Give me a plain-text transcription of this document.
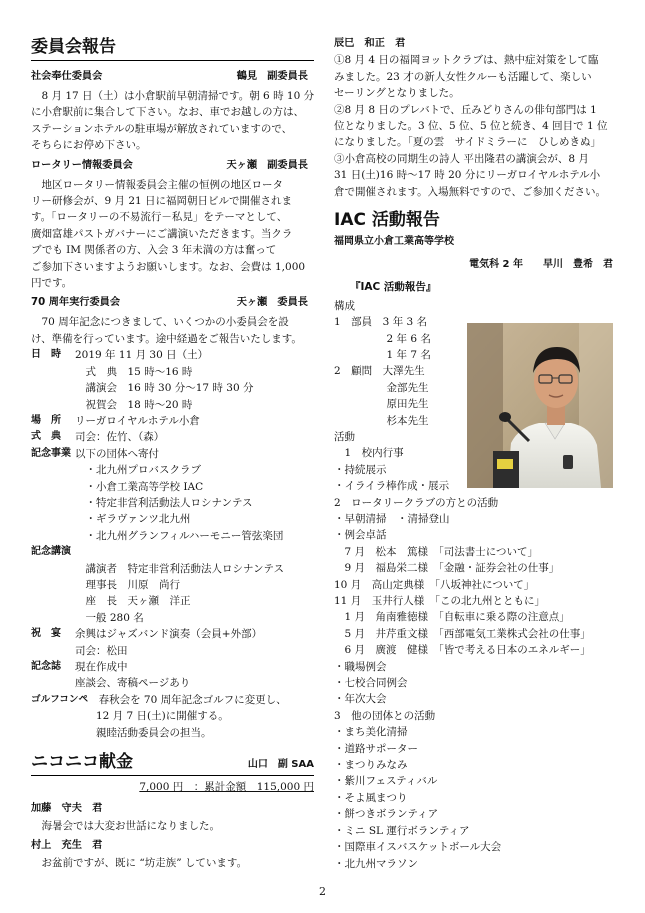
委員会報告
社会奉仕委員会	鶴見　副委員長

　8 月 17 日（土）は小倉駅前早朝清掃です。朝 6 時 10 分

に小倉駅前に集合して下さい。なお、車でお越しの方は、

ステーションホテルの駐車場が解放されていますので、

そちらにお停め下さい。

ロータリー情報委員会	天ヶ瀬　副委員長

　地区ロータリー情報委員会主催の恒例の地区ロータ

リー研修会が、9 月 21 日に福岡朝日ビルで開催されま

す。「ロータリーの不易流行－私見」をテーマとして、

廣畑富雄パストガバナーにご講演いただきます。当クラ

ブでも IM 関係者の方、入会 3 年未満の方は奮って

ご参加下さいますようお願いします。なお、会費は 1,000

円です。

70 周年実行委員会	天ヶ瀬　委員長

　70 周年記念につきまして、いくつかの小委員会を設

け、準備を行っています。途中経過をご報告いたします。

日　時	2019 年 11 月 30 日（土）
　式　典　15 時～16 時
　講演会　16 時 30 分～17 時 30 分
　祝賀会　18 時～20 時
場　所	リーガロイヤルホテル小倉
式　典	司会：佐竹、（森）
記念事業 以下の団体へ寄付
　・北九州プロバスクラブ
　・小倉工業高等学校 IAC
　・特定非営利活動法人ロシナンテス
　・ギラヴァンツ北九州
　・北九州グランフィルハーモニー管弦楽団
記念講演
　講演者　特定非営利活動法人ロシナンテス
　理事長　川原　尚行
　座　長　天ヶ瀬　洋正
　一般 280 名
祝　宴	余興はジャズバンド演奏（会員+外部）
司会：松田
記念誌	現在作成中
座談会、寄稿ページあり
ゴルフコンペ 　春秋会を 70 周年記念ゴルフに変更し、
　　12 月 7 日(土)に開催する。
　　親睦活動委員会の担当。
ニコニコ献金	山口　副 SAA
7,000 円　：累計金額　115,000 円
加藤　守夫　君

　海暑会では大変お世話になりました。

村上　充生　君

　お盆前ですが、既に “坊走族” しています。

辰巳　和正　君

①8 月 4 日の福岡ヨットクラブは、熱中症対策をして臨

みました。23 才の新人女性クルーも活躍して、楽しい

セーリングとなりました。

②8 月 8 日のプレバトで、丘みどりさんの俳句部門は 1

位となりました。3 位、5 位、5 位と続き、4 回目で 1 位

になりました。「夏の雲　サイドミラーに　ひしめきぬ」

③小倉高校の同期生の詩人 平出隆君の講演会が、8 月

31 日(土)16 時～17 時 20 分にリーガロイヤルホテル小

倉で開催されます。入場無料ですので、ご参加ください。

IAC 活動報告
福岡県立小倉工業高等学校
電気科 2 年　　早川　豊希　君
『IAC 活動報告』

構成

1　部員　3 年 3 名

　　　　　2 年 6 名

　　　　　1 年 7 名

2　顧問　大澤先生

　　　　　金部先生

　　　　　原田先生

　　　　　杉本先生

活動

　1　校内行事

・持続展示

・イライラ棒作成・展示

2　ロータリークラブの方との活動

・早朝清掃　・清掃登山

・例会卓話

　7 月　松本　篤様　「司法書士について」

　9 月　福島栄二様　「金融・証券会社の仕事」

10 月　高山定典様　「八坂神社について」

11 月　玉井行人様　「この北九州とともに」

　1 月　角南雅徳様　「自転車に乗る際の注意点」

　5 月　井芹重文様　「西部電気工業株式会社の仕事」

　6 月　廣渡　健様　「皆で考える日本のエネルギー」

・職場例会

・七校合同例会

・年次大会

3　他の団体との活動

・まち美化清掃

・道路サポーター

・まつりみなみ

・紫川フェスティバル

・そよ風まつり

・餅つきボランティア

・ミニ SL 運行ボランティア

・国際車イスバスケットボール大会

・北九州マラソン

2
